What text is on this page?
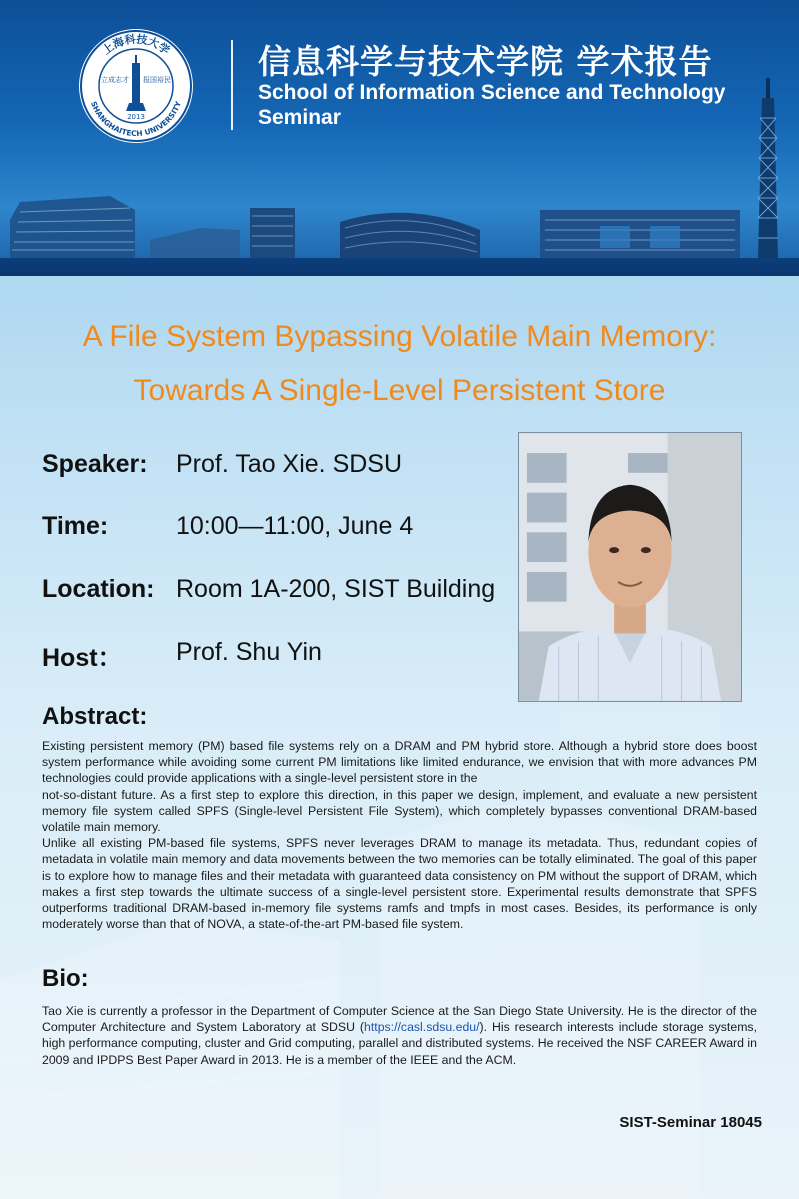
上海科技大学
SHANGHAITECH UNIVERSITY
立成志才 报国裕民
2013
信息科学与技术学院 学术报告
School of Information Science and Technology Seminar
A File System Bypassing Volatile Main Memory:
Towards A Single-Level Persistent Store
Speaker: Prof. Tao Xie. SDSU
Time:	10:00—11:00, June 4
Location: Room 1A-200, SIST Building
Host： Prof. Shu Yin
Abstract:
Existing persistent memory (PM) based file systems rely on a DRAM and PM hybrid store. Although a hybrid store does boost system performance while avoiding some current PM limitations like limited endurance, we envision that with more advances PM technologies could provide applications with a single-level persistent store in the
not-so-distant future. As a first step to explore this direction, in this paper we design, implement, and evaluate a new persistent memory file system called SPFS (Single-level Persistent File System), which completely bypasses conventional DRAM-based volatile main memory.
Unlike all existing PM-based file systems, SPFS never leverages DRAM to manage its metadata. Thus, redundant copies of metadata in volatile main memory and data movements between the two memories can be totally eliminated. The goal of this paper is to explore how to manage files and their metadata with guaranteed data consistency on PM without the support of DRAM, which makes a first step towards the ultimate success of a single-level persistent store. Experimental results demonstrate that SPFS outperforms traditional DRAM-based in-memory file systems ramfs and tmpfs in most cases. Besides, its performance is only moderately worse than that of NOVA, a state-of-the-art PM-based file system.
Bio:
Tao Xie is currently a professor in the Department of Computer Science at the San Diego State University. He is the director of the Computer Architecture and System Laboratory at SDSU (https://casl.sdsu.edu/). His research interests include storage systems, high performance computing, cluster and Grid computing, parallel and distributed systems. He received the NSF CAREER Award in 2009 and IPDPS Best Paper Award in 2013. He is a member of the IEEE and the ACM.
SIST-Seminar 18045
